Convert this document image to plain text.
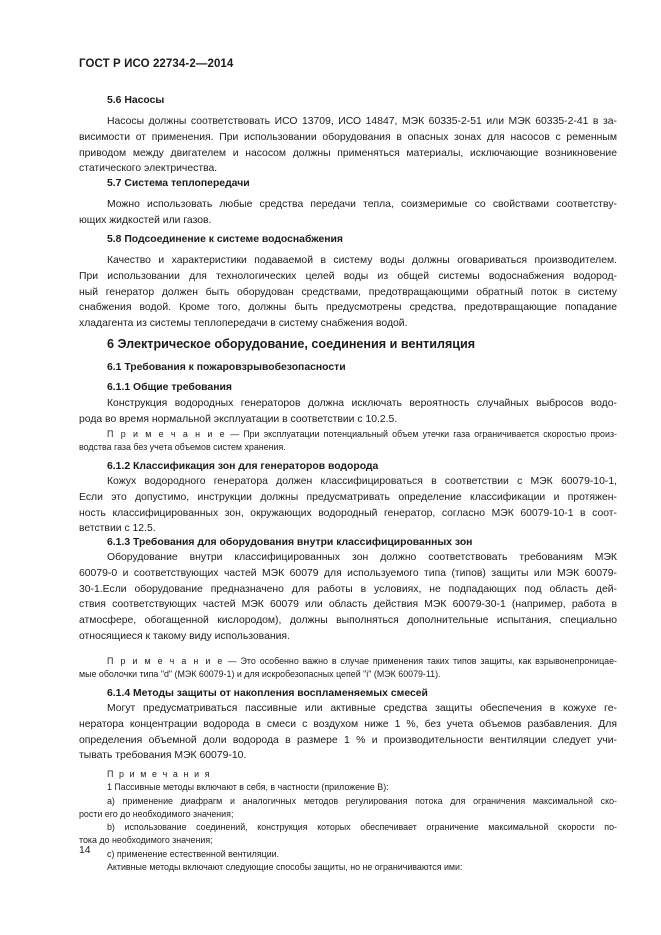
ГОСТ Р ИСО 22734-2—2014
5.6 Насосы
Насосы должны соответствовать ИСО 13709, ИСО 14847, МЭК 60335-2-51 или МЭК 60335-2-41 в за-
висимости от применения. При использовании оборудования в опасных зонах для насосов с ременным
приводом между двигателем и насосом должны применяться материалы, исключающие возникновение
статического электричества.
5.7 Система теплопередачи
Можно использовать любые средства передачи тепла, соизмеримые со свойствами соответству-
ющих жидкостей или газов.
5.8 Подсоединение к системе водоснабжения
Качество и характеристики подаваемой в систему воды должны оговариваться производителем.
При использовании для технологических целей воды из общей системы водоснабжения водород-
ный генератор должен быть оборудован средствами, предотвращающими обратный поток в систему
снабжения водой. Кроме того, должны быть предусмотрены средства, предотвращающие попадание
хладагента из системы теплопередачи в систему снабжения водой.
6 Электрическое оборудование, соединения и вентиляция
6.1 Требования к пожаровзрывобезопасности
6.1.1 Общие требования
Конструкция водородных генераторов должна исключать вероятность случайных выбросов водо-
рода во время нормальной эксплуатации в соответствии с 10.2.5.
П р и м е ч а н и е — При эксплуатации потенциальный объем утечки газа ограничивается скоростью произ-
водства газа без учета объемов систем хранения.
6.1.2 Классификация зон для генераторов водорода
Кожух водородного генератора должен классифицироваться в соответствии с МЭК 60079-10-1,
Если это допустимо, инструкции должны предусматривать определение классификации и протяжен-
ность классифицированных зон, окружающих водородный генератор, согласно МЭК 60079-10-1 в соот-
ветствии с 12.5.
6.1.3 Требования для оборудования внутри классифицированных зон
Оборудование внутри классифицированных зон должно соответствовать требованиям МЭК
60079-0 и соответствующих частей МЭК 60079 для используемого типа (типов) защиты или МЭК 60079-
30-1.Если оборудование предназначено для работы в условиях, не подпадающих под область дей-
ствия соответствующих частей МЭК 60079 или область действия МЭК 60079-30-1 (например, работа в
атмосфере, обогащенной кислородом), должны выполняться дополнительные испытания, специально
относящиеся к такому виду использования.
П р и м е ч а н и е — Это особенно важно в случае применения таких типов защиты, как взрывонепроницае-
мые оболочки типа "d" (МЭК 60079-1) и для искробезопасных цепей "i" (МЭК 60079-11).
6.1.4 Методы защиты от накопления воспламеняемых смесей
Могут предусматриваться пассивные или активные средства защиты обеспечения в кожухе ге-
нератора концентрации водорода в смеси с воздухом ниже 1 %, без учета объемов разбавления. Для
определения объемной доли водорода в размере 1 % и производительности вентиляции следует учи-
тывать требования МЭК 60079-10.
П р и м е ч а н и я
1 Пассивные методы включают в себя, в частности (приложение В):
а) применение диафрагм и аналогичных методов регулирования потока для ограничения максимальной ско-
рости его до необходимого значения;
b) использование соединений, конструкция которых обеспечивает ограничение максимальной скорости по-
тока до необходимого значения;
с) применение естественной вентиляции.
Активные методы включают следующие способы защиты, но не ограничиваются ими:
14
